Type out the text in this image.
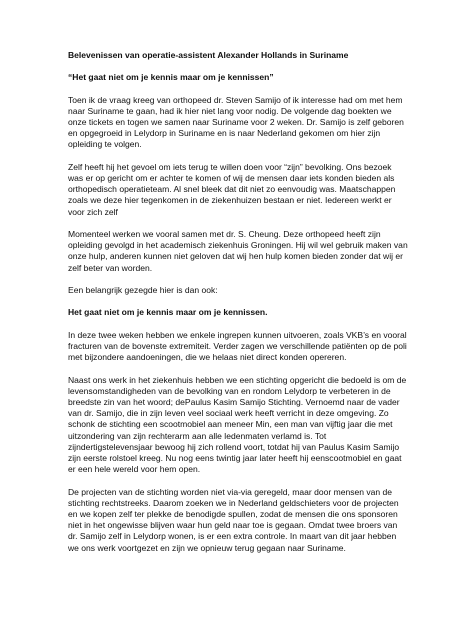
Belevenissen van operatie-assistent Alexander Hollands in Suriname

“Het gaat niet om je kennis maar om je kennissen”

Toen ik de vraag kreeg van orthopeed dr. Steven Samijo of ik interesse had om met hem naar Suriname te gaan, had ik hier niet lang voor nodig. De volgende dag boekten we onze tickets en togen we samen naar Suriname voor 2 weken. Dr. Samijo is zelf geboren en opgegroeid in Lelydorp in Suriname en is naar Nederland gekomen om hier zijn opleiding te volgen.

Zelf heeft hij het gevoel om iets terug te willen doen voor “zijn” bevolking. Ons bezoek was er op gericht om er achter te komen of wij de mensen daar iets konden bieden als orthopedisch operatieteam. Al snel bleek dat dit niet zo eenvoudig was. Maatschappen zoals we deze hier tegenkomen in de ziekenhuizen bestaan er niet. Iedereen werkt er voor zich zelf

Momenteel werken we vooral samen met dr. S. Cheung. Deze orthopeed heeft zijn opleiding gevolgd in het academisch ziekenhuis Groningen. Hij wil wel gebruik maken van onze hulp, anderen kunnen niet geloven dat wij hen hulp komen bieden zonder dat wij er zelf beter van worden.

Een belangrijk gezegde hier is dan ook:

Het gaat niet om je kennis maar om je kennissen.

In deze twee weken hebben we enkele ingrepen kunnen uitvoeren, zoals VKB’s en vooral fracturen van de bovenste extremiteit. Verder zagen we verschillende patiënten op de poli met bijzondere aandoeningen, die we helaas niet direct konden opereren.

Naast ons werk in het ziekenhuis hebben we een stichting opgericht die bedoeld is om de levensomstandigheden van de bevolking van en rondom Lelydorp te verbeteren in de breedste zin van het woord; dePaulus Kasim Samijo Stichting. Vernoemd naar de vader van dr. Samijo, die in zijn leven veel sociaal werk heeft verricht in deze omgeving. Zo schonk de stichting een scootmobiel aan meneer Min, een man van vijftig jaar die met uitzondering van zijn rechterarm aan alle ledenmaten verlamd is. Tot zijndertigstelevensjaar bewoog hij zich rollend voort, totdat hij van Paulus Kasim Samijo zijn eerste rolstoel kreeg. Nu nog eens twintig jaar later heeft hij eenscootmobiel en gaat er een hele wereld voor hem open.

De projecten van de stichting worden niet via-via geregeld, maar door mensen van de stichting rechtstreeks. Daarom zoeken we in Nederland geldschieters voor de projecten en we kopen zelf ter plekke de benodigde spullen, zodat de mensen die ons sponsoren niet in het ongewisse blijven waar hun geld naar toe is gegaan. Omdat twee broers van dr. Samijo zelf in Lelydorp wonen, is er een extra controle. In maart van dit jaar hebben we ons werk voortgezet en zijn we opnieuw terug gegaan naar Suriname.
